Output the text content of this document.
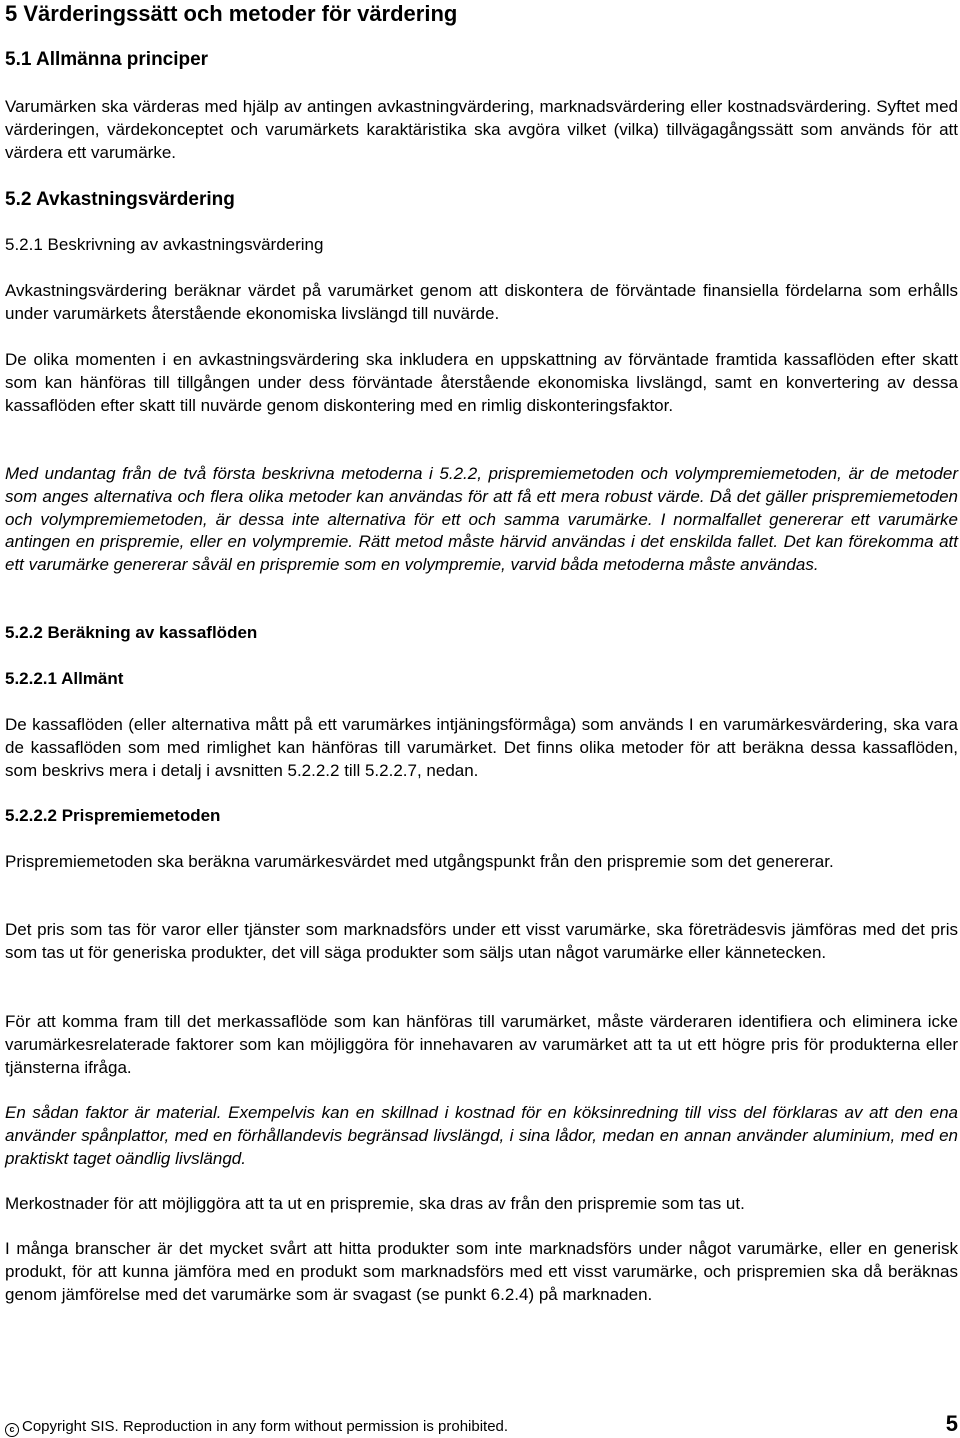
5 Värderingssätt och metoder för värdering
5.1 Allmänna principer

Varumärken ska värderas med hjälp av antingen avkastningvärdering, marknadsvärdering eller kostnadsvärdering. Syftet med värderingen, värdekonceptet och varumärkets karaktäristika ska avgöra vilket (vilka) tillvägagångssätt som används för att värdera ett varumärke.

5.2 Avkastningsvärdering
5.2.1 Beskrivning av avkastningsvärdering

Avkastningsvärdering beräknar värdet på varumärket genom att diskontera de förväntade finansiella fördelarna som erhålls under varumärkets återstående ekonomiska livslängd till nuvärde.

De olika momenten i en avkastningsvärdering ska inkludera en uppskattning av förväntade framtida kassaflöden efter skatt som kan hänföras till tillgången under dess förväntade återstående ekonomiska livslängd, samt en konvertering av dessa kassaflöden efter skatt till nuvärde genom diskontering med en rimlig diskonteringsfaktor.

Med undantag från de två första beskrivna metoderna i 5.2.2, prispremiemetoden och volympremiemetoden, är de metoder som anges alternativa och flera olika metoder kan användas för att få ett mera robust värde. Då det gäller prispremiemetoden och volympremiemetoden, är dessa inte alternativa för ett och samma varumärke. I normalfallet genererar ett varumärke antingen en prispremie, eller en volympremie. Rätt metod måste härvid användas i det enskilda fallet. Det kan förekomma att ett varumärke genererar såväl en prispremie som en volympremie, varvid båda metoderna måste användas.

5.2.2 Beräkning av kassaflöden
5.2.2.1 Allmänt

De kassaflöden (eller alternativa mått på ett varumärkes intjäningsförmåga) som används I en varumärkesvärdering, ska vara de kassaflöden som med rimlighet kan hänföras till varumärket. Det finns olika metoder för att beräkna dessa kassaflöden, som beskrivs mera i detalj i avsnitten 5.2.2.2 till 5.2.2.7, nedan.

5.2.2.2 Prispremiemetoden

Prispremiemetoden ska beräkna varumärkesvärdet med utgångspunkt från den prispremie som det genererar.

Det pris som tas för varor eller tjänster som marknadsförs under ett visst varumärke, ska företrädesvis jämföras med det pris som tas ut för generiska produkter, det vill säga produkter som säljs utan något varumärke eller kännetecken.

För att komma fram till det merkassaflöde som kan hänföras till varumärket, måste värderaren identifiera och eliminera icke varumärkesrelaterade faktorer som kan möjliggöra för innehavaren av varumärket att ta ut ett högre pris för produkterna eller tjänsterna ifråga.

En sådan faktor är material. Exempelvis kan en skillnad i kostnad för en köksinredning till viss del förklaras av att den ena använder spånplattor, med en förhållandevis begränsad livslängd, i sina lådor, medan en annan använder aluminium, med en praktiskt taget oändlig livslängd.

Merkostnader för att möjliggöra att ta ut en prispremie, ska dras av från den prispremie som tas ut.

I många branscher är det mycket svårt att hitta produkter som inte marknadsförs under något varumärke, eller en generisk produkt, för att kunna jämföra med en produkt som marknadsförs med ett visst varumärke, och prispremien ska då beräknas genom jämförelse med det varumärke som är svagast (se punkt 6.2.4) på marknaden.

c Copyright SIS. Reproduction in any form without permission is prohibited.	5
